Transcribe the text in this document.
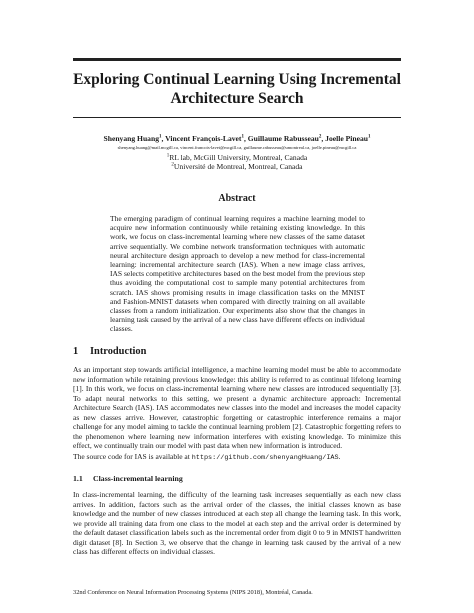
Exploring Continual Learning Using Incremental
Architecture Search
Shenyang Huang$^1$, Vincent François-Lavet$^1$, Guillaume Rabusseau$^2$, Joelle Pineau$^1$
shenyang.huang@mail.mcgill.ca, vincent.francois-lavet@mcgill.ca, guillaume.rabusseau@umontreal.ca, joelle.pineau@mcgill.ca
$^1$RL lab, McGill University, Montreal, Canada
$^2$Université de Montreal, Montreal, Canada
Abstract

The emerging paradigm of continual learning requires a machine learning model to acquire new information continuously while retaining existing knowledge. In this work, we focus on class-incremental learning where new classes of the same dataset arrive sequentially. We combine network transformation techniques with automatic neural architecture design approach to develop a new method for class-incremental learning: incremental architecture search (IAS). When a new image class arrives, IAS selects competitive architectures based on the best model from the previous step thus avoiding the computational cost to sample many potential architectures from scratch. IAS shows promising results in image classification tasks on the MNIST and Fashion-MNIST datasets when compared with directly training on all available classes from a random initialization. Our experiments also show that the changes in learning task caused by the arrival of a new class have different effects on individual classes.

1 Introduction

As an important step towards artificial intelligence, a machine learning model must be able to accommodate new information while retaining previous knowledge: this ability is referred to as continual lifelong learning [1]. In this work, we focus on class-incremental learning where new classes are introduced sequentially [3]. To adapt neural networks to this setting, we present a dynamic architecture approach: Incremental Architecture Search (IAS). IAS accommodates new classes into the model and increases the model capacity as new classes arrive. However, catastrophic forgetting or catastrophic interference remains a major challenge for any model aiming to tackle the continual learning problem [2]. Catastrophic forgetting refers to the phenomenon where learning new information interferes with existing knowledge. To minimize this effect, we continually train our model with past data when new information is introduced.

The source code for IAS is available at https://github.com/shenyangHuang/IAS.

1.1 Class-incremental learning

In class-incremental learning, the difficulty of the learning task increases sequentially as each new class arrives. In addition, factors such as the arrival order of the classes, the initial classes known as base knowledge and the number of new classes introduced at each step all change the learning task. In this work, we provide all training data from one class to the model at each step and the arrival order is determined by the default dataset classification labels such as the incremental order from digit 0 to 9 in MNIST handwritten digit dataset [8]. In Section 3, we observe that the change in learning task caused by the arrival of a new class has different effects on individual classes.

32nd Conference on Neural Information Processing Systems (NIPS 2018), Montréal, Canada.
